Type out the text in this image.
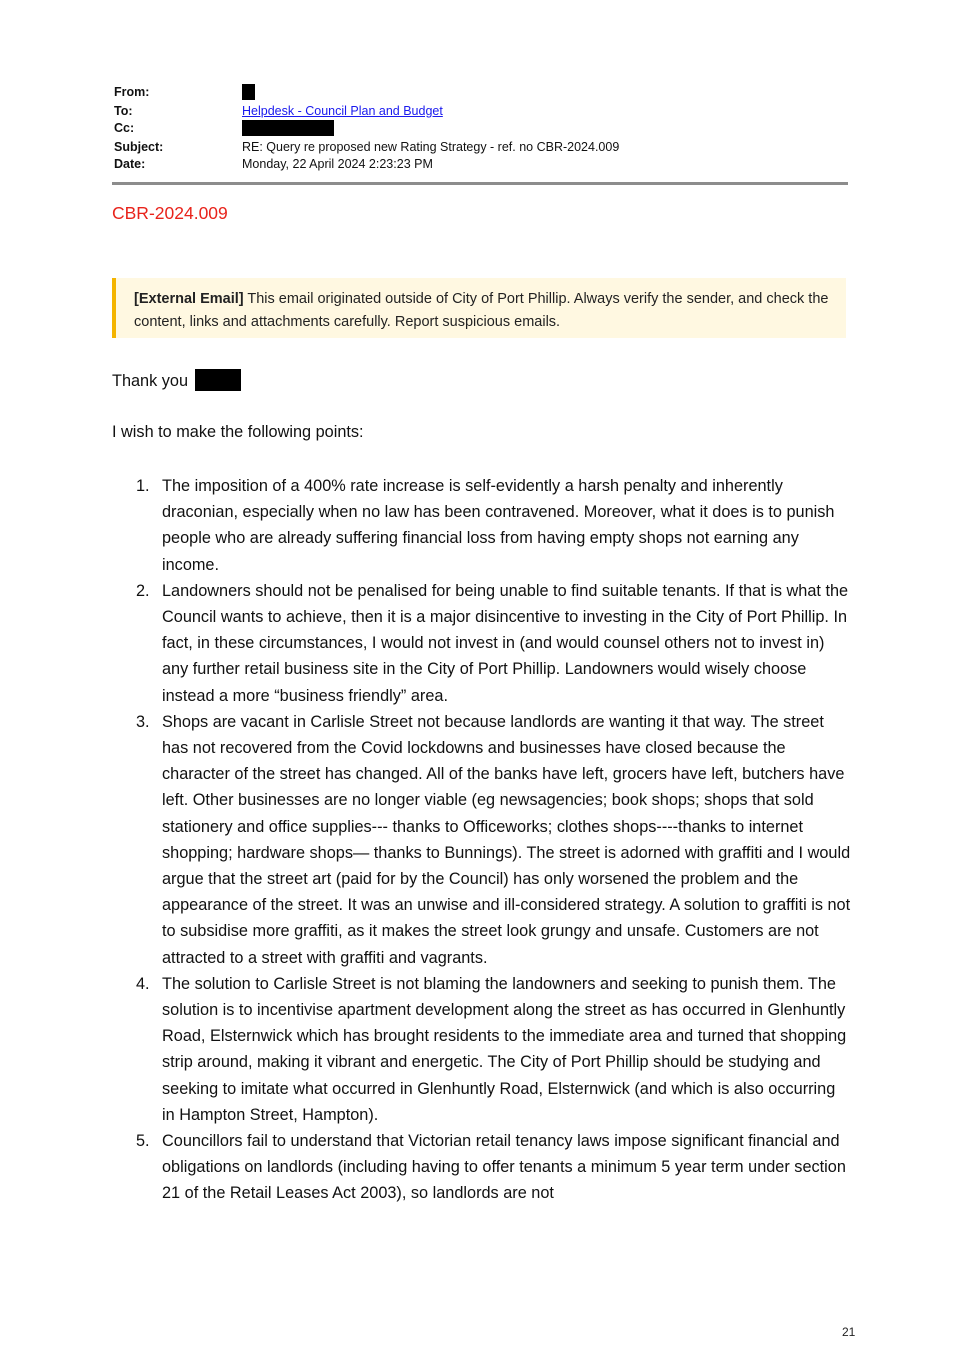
From:
To:	Helpdesk - Council Plan and Budget
Cc:
Subject:	RE: Query re proposed new Rating Strategy - ref. no CBR-2024.009
Date:	Monday, 22 April 2024 2:23:23 PM
CBR-2024.009
[External Email] This email originated outside of City of Port Phillip. Always verify the sender, and check the content, links and attachments carefully. Report suspicious emails.
Thank you
I wish to make the following points:
1. The imposition of a 400% rate increase is self-evidently a harsh penalty and inherently draconian, especially when no law has been contravened. Moreover, what it does is to punish people who are already suffering financial loss from having empty shops not earning any income.
2. Landowners should not be penalised for being unable to find suitable tenants. If that is what the Council wants to achieve, then it is a major disincentive to investing in the City of Port Phillip. In fact, in these circumstances, I would not invest in (and would counsel others not to invest in) any further retail business site in the City of Port Phillip. Landowners would wisely choose instead a more “business friendly” area.
3. Shops are vacant in Carlisle Street not because landlords are wanting it that way. The street has not recovered from the Covid lockdowns and businesses have closed because the character of the street has changed. All of the banks have left, grocers have left, butchers have left. Other businesses are no longer viable (eg newsagencies; book shops; shops that sold stationery and office supplies--- thanks to Officeworks; clothes shops----thanks to internet shopping; hardware shops— thanks to Bunnings). The street is adorned with graffiti and I would argue that the street art (paid for by the Council) has only worsened the problem and the appearance of the street. It was an unwise and ill-considered strategy. A solution to graffiti is not to subsidise more graffiti, as it makes the street look grungy and unsafe. Customers are not attracted to a street with graffiti and vagrants.
4. The solution to Carlisle Street is not blaming the landowners and seeking to punish them. The solution is to incentivise apartment development along the street as has occurred in Glenhuntly Road, Elsternwick which has brought residents to the immediate area and turned that shopping strip around, making it vibrant and energetic. The City of Port Phillip should be studying and seeking to imitate what occurred in Glenhuntly Road, Elsternwick (and which is also occurring in Hampton Street, Hampton).
5. Councillors fail to understand that Victorian retail tenancy laws impose significant financial and obligations on landlords (including having to offer tenants a minimum 5 year term under section 21 of the Retail Leases Act 2003), so landlords are not
21
